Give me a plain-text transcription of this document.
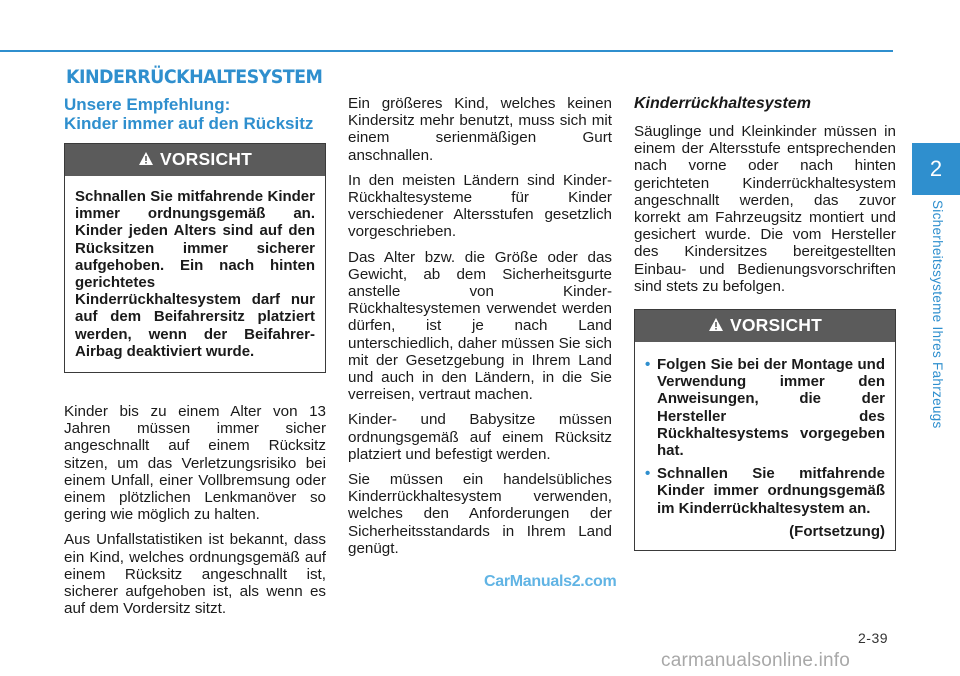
KINDERRÜCKHALTESYSTEM
Unsere Empfehlung:
Kinder immer auf den Rücksitz
VORSICHT

Schnallen Sie mitfahrende Kinder immer ordnungsgemäß an. Kinder jeden Alters sind auf den Rücksitzen immer sicherer aufgehoben. Ein nach hinten gerichtetes Kinderrückhaltesystem darf nur auf dem Beifahrersitz platziert werden, wenn der Beifahrer-Airbag deaktiviert wurde.

Kinder bis zu einem Alter von 13 Jahren müssen immer sicher angeschnallt auf einem Rücksitz sitzen, um das Verletzungsrisiko bei einem Unfall, einer Vollbremsung oder einem plötzlichen Lenkmanöver so gering wie möglich zu halten.

Aus Unfallstatistiken ist bekannt, dass ein Kind, welches ordnungsgemäß auf einem Rücksitz angeschnallt ist, sicherer aufgehoben ist, als wenn es auf dem Vordersitz sitzt.

Ein größeres Kind, welches keinen Kindersitz mehr benutzt, muss sich mit einem serienmäßigen Gurt anschnallen.

In den meisten Ländern sind Kinder-Rückhaltesysteme für Kinder verschiedener Altersstufen gesetzlich vorgeschrieben.

Das Alter bzw. die Größe oder das Gewicht, ab dem Sicherheitsgurte anstelle von Kinder-Rückhaltesystemen verwendet werden dürfen, ist je nach Land unterschiedlich, daher müssen Sie sich mit der Gesetzgebung in Ihrem Land und auch in den Ländern, in die Sie verreisen, vertraut machen.

Kinder- und Babysitze müssen ordnungsgemäß auf einem Rücksitz platziert und befestigt werden.

Sie müssen ein handelsübliches Kinderrückhaltesystem verwenden, welches den Anforderungen der Sicherheitsstandards in Ihrem Land genügt.

Kinderrückhaltesystem

Säuglinge und Kleinkinder müssen in einem der Altersstufe entsprechenden nach vorne oder nach hinten gerichteten Kinderrückhaltesystem angeschnallt werden, das zuvor korrekt am Fahrzeugsitz montiert und gesichert wurde. Die vom Hersteller des Kindersitzes bereitgestellten Einbau- und Bedienungsvorschriften sind stets zu befolgen.

VORSICHT
• Folgen Sie bei der Montage und Verwendung immer den Anweisungen, die der Hersteller des Rückhaltesystems vorgegeben hat.
• Schnallen Sie mitfahrende Kinder immer ordnungsgemäß im Kinderrückhaltesystem an.
(Fortsetzung)
2
Sicherheitssysteme Ihres Fahrzeugs
CarManuals2.com
2-39
carmanualsonline.info
